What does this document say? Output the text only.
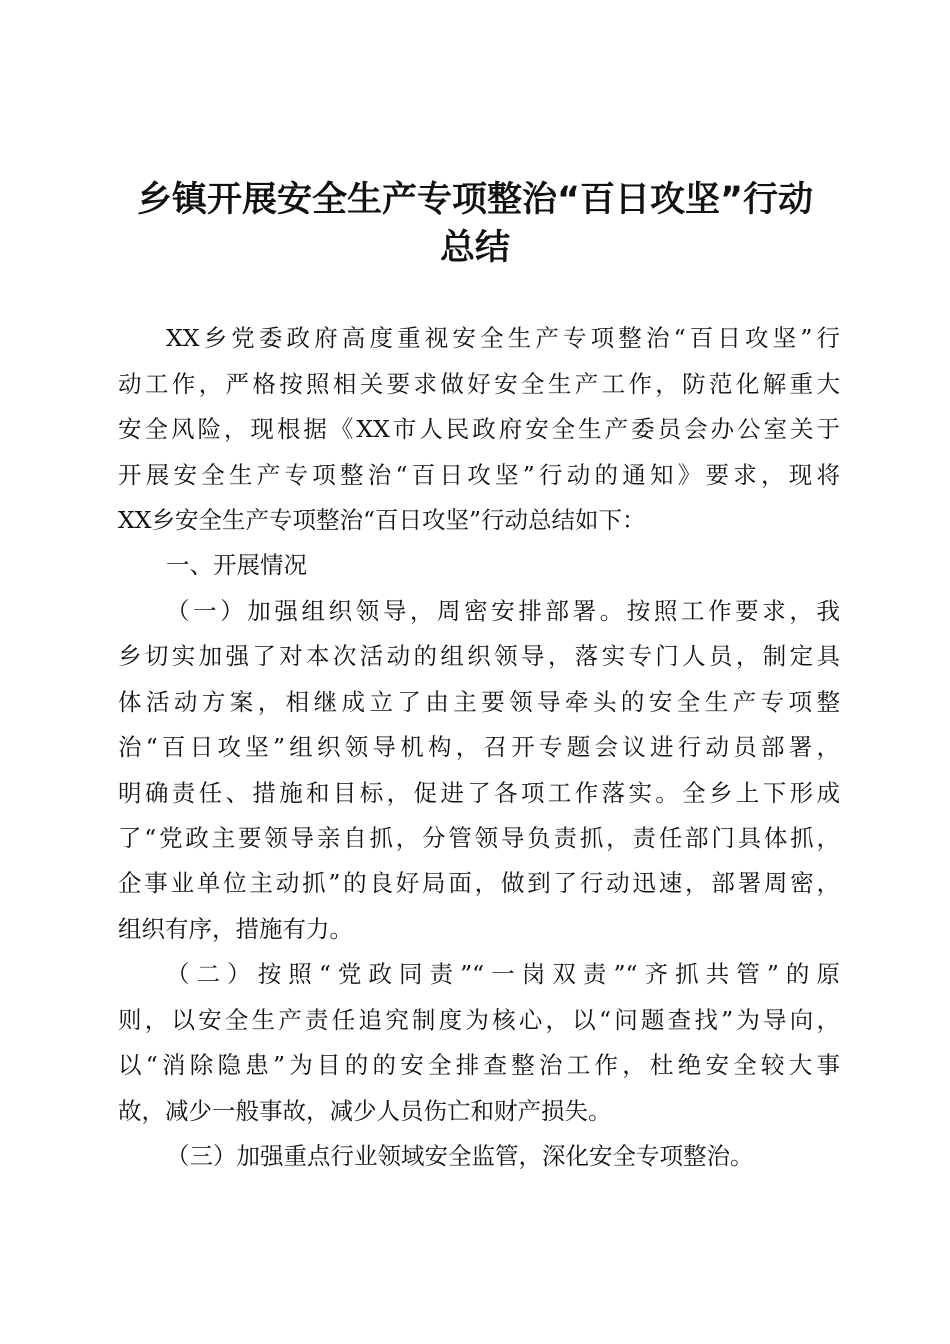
乡镇开展安全生产专项整治“百日攻坚”行动
总结

XX乡党委政府高度重视安全生产专项整治“百日攻坚”行

动工作，严格按照相关要求做好安全生产工作，防范化解重大

安全风险，现根据《XX市人民政府安全生产委员会办公室关于

开展安全生产专项整治“百日攻坚”行动的通知》要求，现将

XX乡安全生产专项整治“百日攻坚”行动总结如下：

一、开展情况

（一）加强组织领导，周密安排部署。按照工作要求，我

乡切实加强了对本次活动的组织领导，落实专门人员，制定具

体活动方案，相继成立了由主要领导牵头的安全生产专项整

治“百日攻坚”组织领导机构，召开专题会议进行动员部署，

明确责任、措施和目标，促进了各项工作落实。全乡上下形成

了“党政主要领导亲自抓，分管领导负责抓，责任部门具体抓，

企事业单位主动抓”的良好局面，做到了行动迅速，部署周密，

组织有序，措施有力。

（二）按照“党政同责”“一岗双责”“齐抓共管”的原

则，以安全生产责任追究制度为核心，以“问题查找”为导向，

以“消除隐患”为目的的安全排查整治工作，杜绝安全较大事

故，减少一般事故，减少人员伤亡和财产损失。

（三）加强重点行业领域安全监管，深化安全专项整治。
